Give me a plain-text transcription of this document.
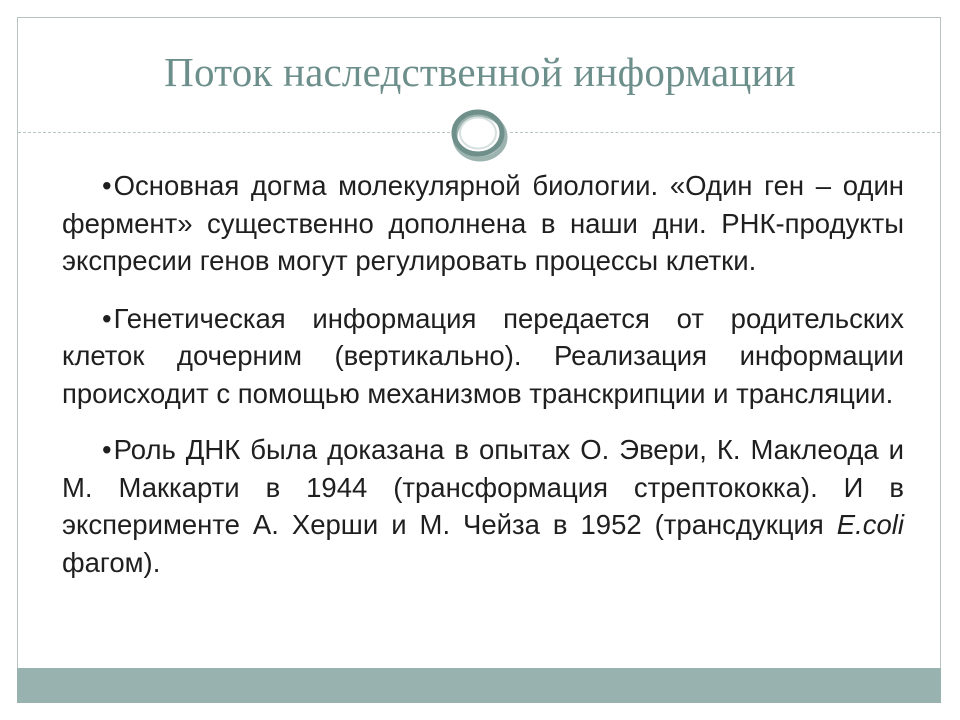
Поток наследственной информации

•Основная догма молекулярной биологии. «Один ген – один фермент» существенно дополнена в наши дни. РНК-продукты экспресии генов могут регулировать процессы клетки.

•Генетическая информация передается от родительских клеток дочерним (вертикально). Реализация информации происходит с помощью механизмов транскрипции и трансляции.

•Роль ДНК была доказана в опытах О. Эвери, К. Маклеода и М. Маккарти в 1944 (трансформация стрептококка). И в эксперименте А. Херши и М. Чейза в 1952 (трансдукция E.coli фагом).
